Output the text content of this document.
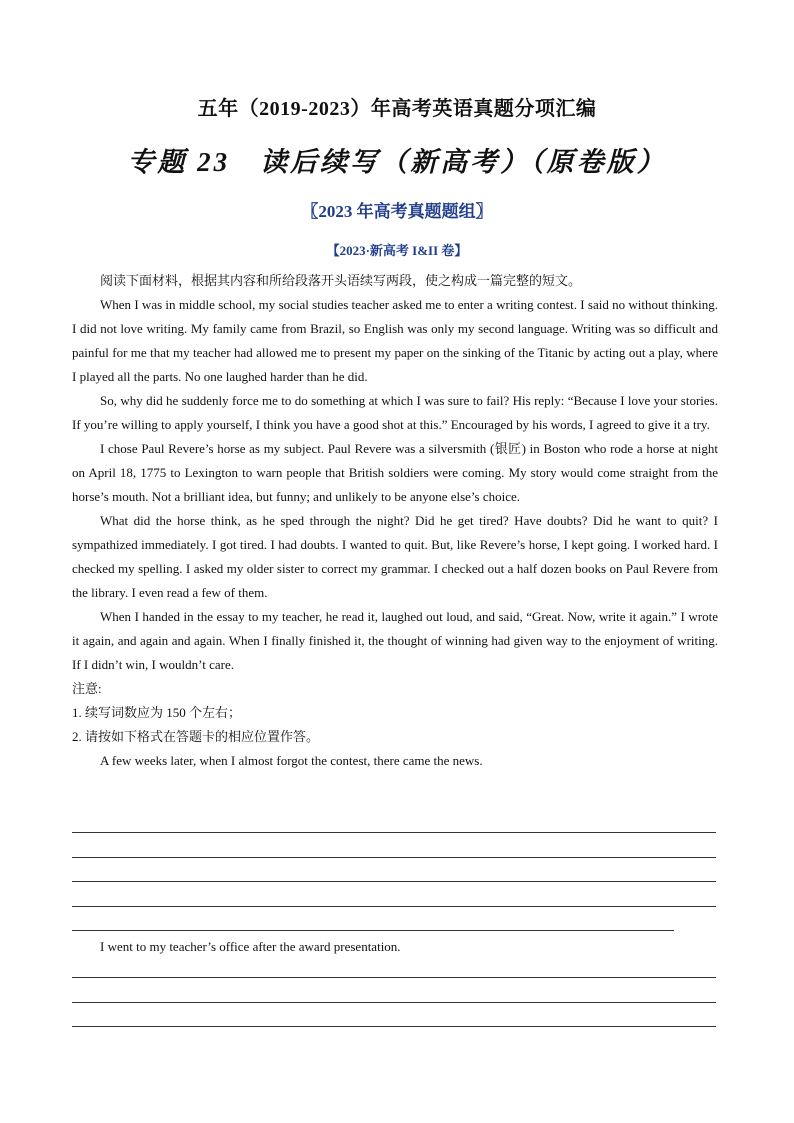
五年（2019-2023）年高考英语真题分项汇编
专题 23　读后续写（新高考）（原卷版）
〖2023 年高考真题题组〗
【2023·新高考 I&II 卷】

阅读下面材料，根据其内容和所给段落开头语续写两段，使之构成一篇完整的短文。

When I was in middle school, my social studies teacher asked me to enter a writing contest. I said no without thinking. I did not love writing. My family came from Brazil, so English was only my second language. Writing was so difficult and painful for me that my teacher had allowed me to present my paper on the sinking of the Titanic by acting out a play, where I played all the parts. No one laughed harder than he did.

So, why did he suddenly force me to do something at which I was sure to fail? His reply: “Because I love your stories. If you’re willing to apply yourself, I think you have a good shot at this.” Encouraged by his words, I agreed to give it a try.

I chose Paul Revere’s horse as my subject. Paul Revere was a silversmith (银匠) in Boston who rode a horse at night on April 18, 1775 to Lexington to warn people that British soldiers were coming. My story would come straight from the horse’s mouth. Not a brilliant idea, but funny; and unlikely to be anyone else’s choice.

What did the horse think, as he sped through the night? Did he get tired? Have doubts? Did he want to quit? I sympathized immediately. I got tired. I had doubts. I wanted to quit. But, like Revere’s horse, I kept going. I worked hard. I checked my spelling. I asked my older sister to correct my grammar. I checked out a half dozen books on Paul Revere from the library. I even read a few of them.

When I handed in the essay to my teacher, he read it, laughed out loud, and said, “Great. Now, write it again.” I wrote it again, and again and again. When I finally finished it, the thought of winning had given way to the enjoyment of writing. If I didn’t win, I wouldn’t care.

注意:

1. 续写词数应为 150 个左右；

2. 请按如下格式在答题卡的相应位置作答。

A few weeks later, when I almost forgot the contest, there came the news.

I went to my teacher’s office after the award presentation.
